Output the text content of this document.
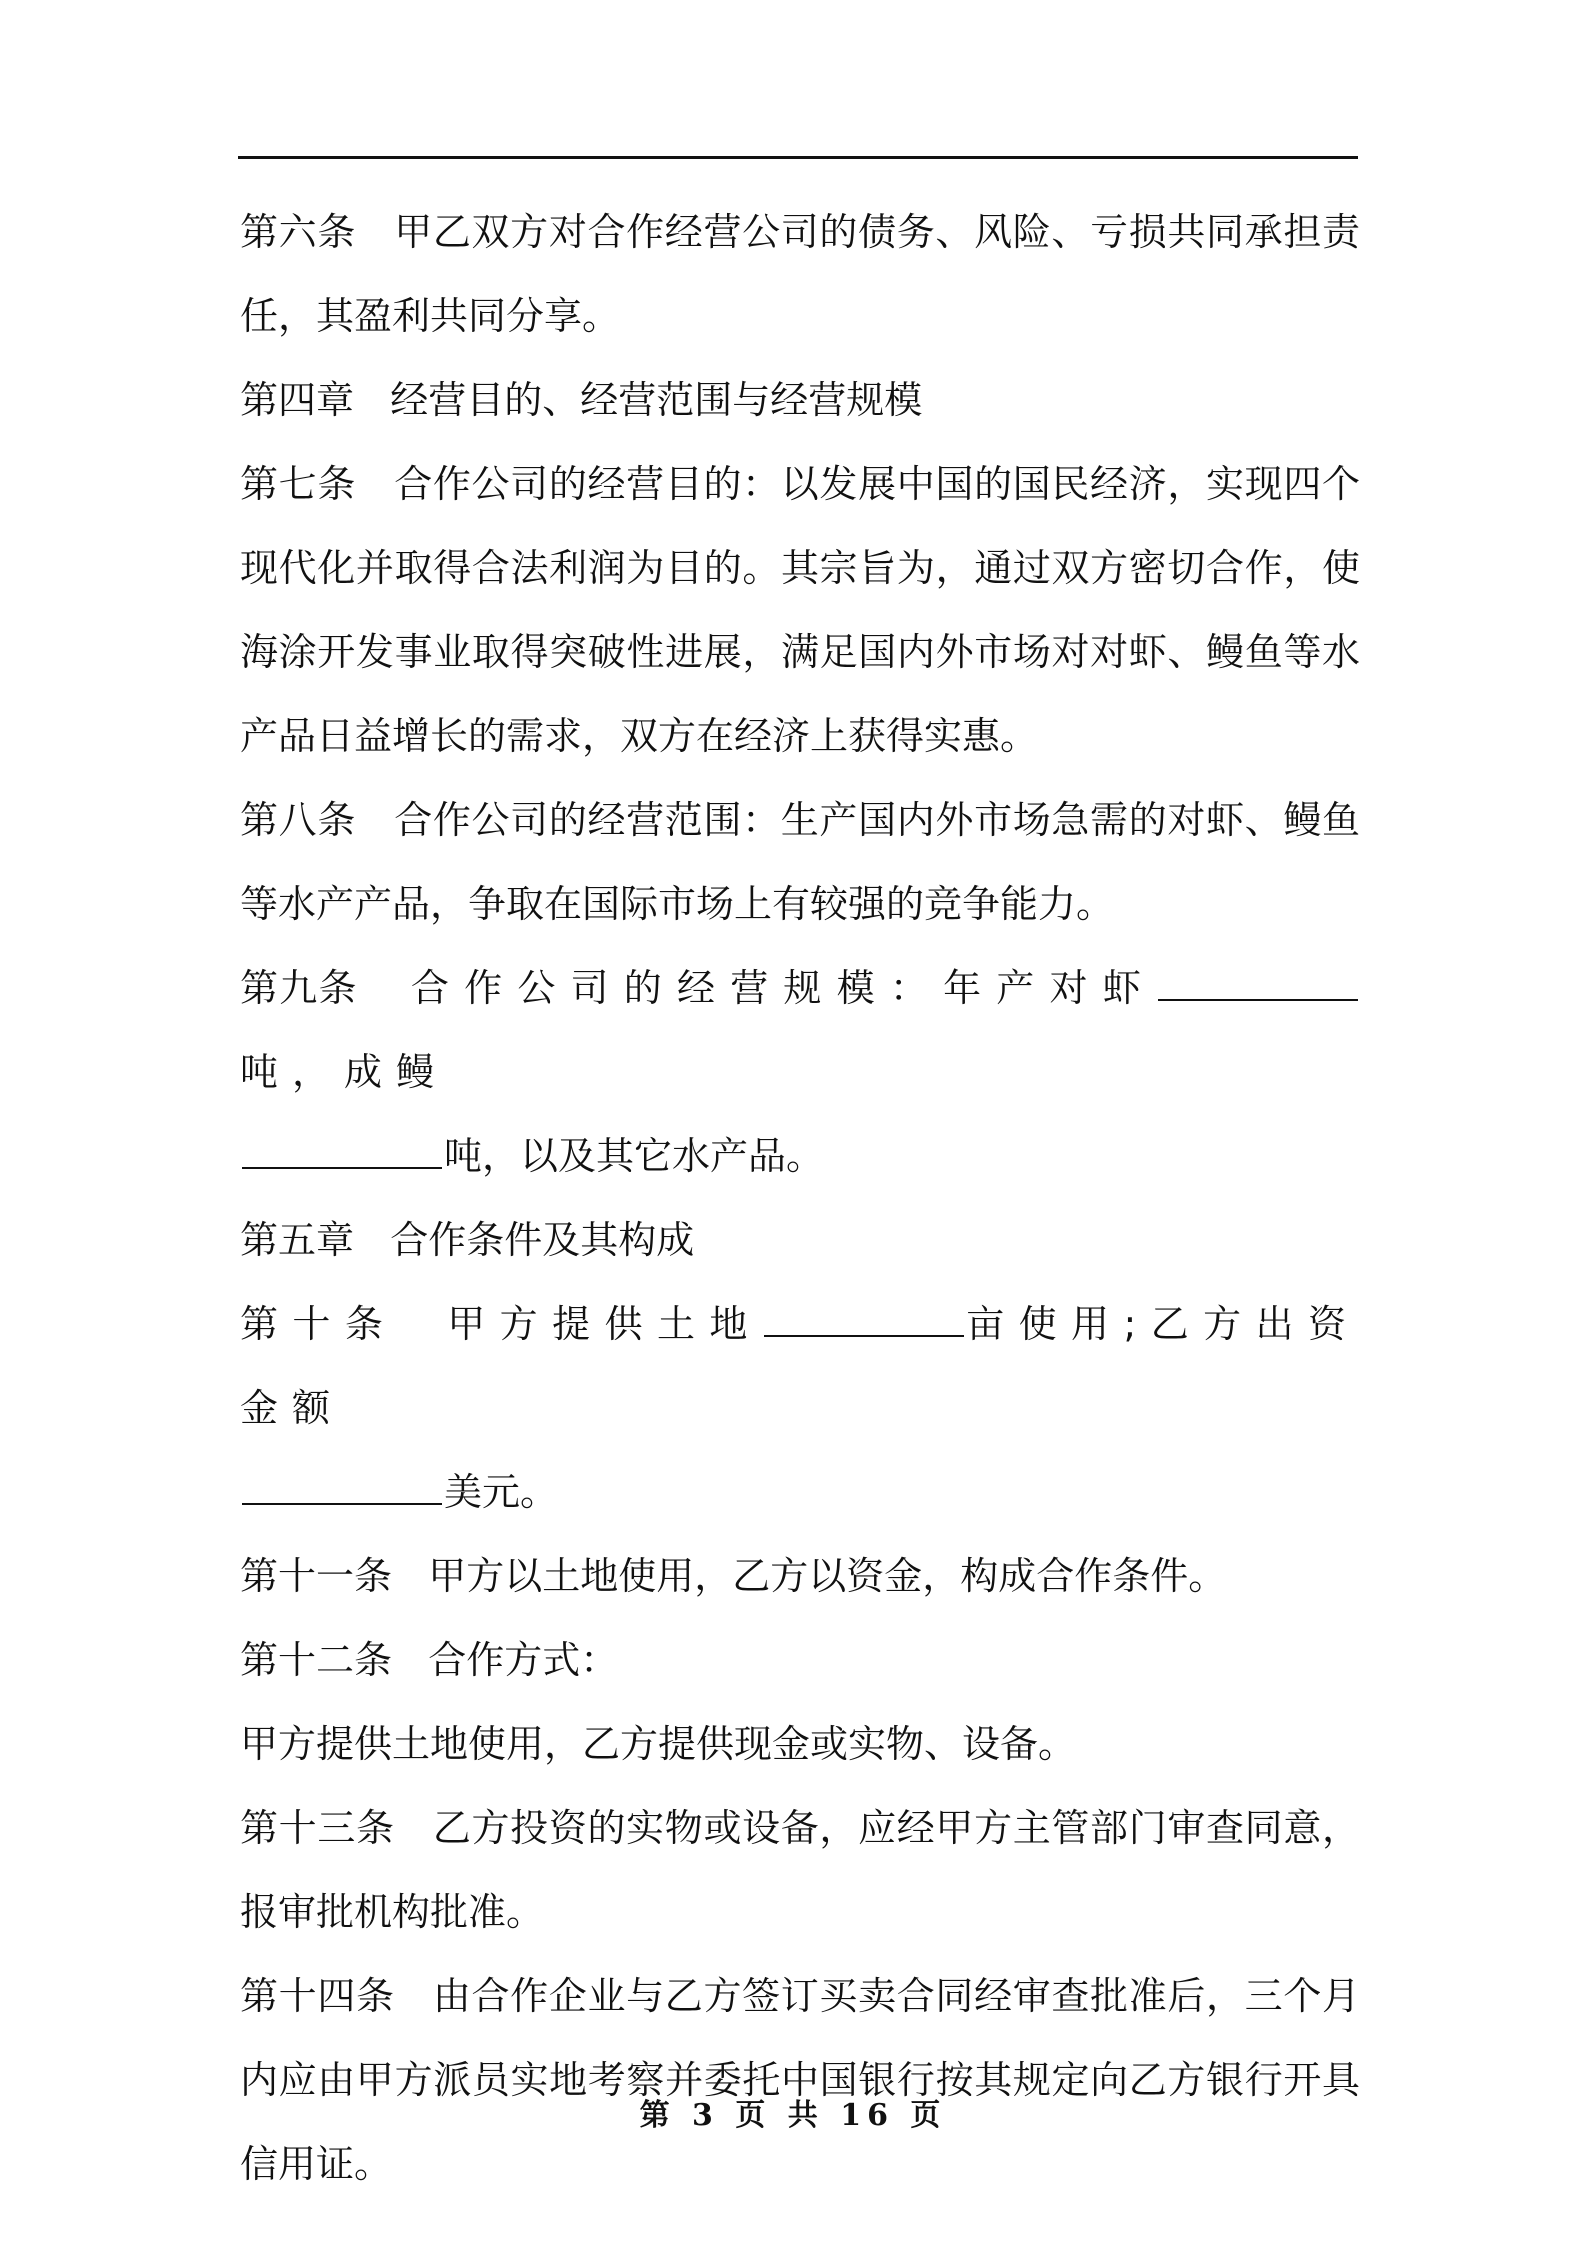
第六条 甲乙双方对合作经营公司的债务、风险、亏损共同承担责任，其盈利共同分享。

第四章 经营目的、经营范围与经营规模

第七条 合作公司的经营目的：以发展中国的国民经济，实现四个现代化并取得合法利润为目的。其宗旨为，通过双方密切合作，使海涂开发事业取得突破性进展，满足国内外市场对对虾、鳗鱼等水产品日益增长的需求，双方在经济上获得实惠。

第八条 合作公司的经营范围：生产国内外市场急需的对虾、鳗鱼等水产产品，争取在国际市场上有较强的竞争能力。

第九条 合作公司的经营规模：年产对虾吨，成鳗
吨，以及其它水产品。

第五章 合作条件及其构成

第十条 甲方提供土地	亩使用;乙方出资金额
美元。

第十一条 甲方以土地使用，乙方以资金，构成合作条件。

第十二条 合作方式：

甲方提供土地使用，乙方提供现金或实物、设备。

第十三条 乙方投资的实物或设备，应经甲方主管部门审查同意，报审批机构批准。

第十四条 由合作企业与乙方签订买卖合同经审查批准后，三个月内应由甲方派员实地考察并委托中国银行按其规定向乙方银行开具信用证。

第 3 页 共 16 页
